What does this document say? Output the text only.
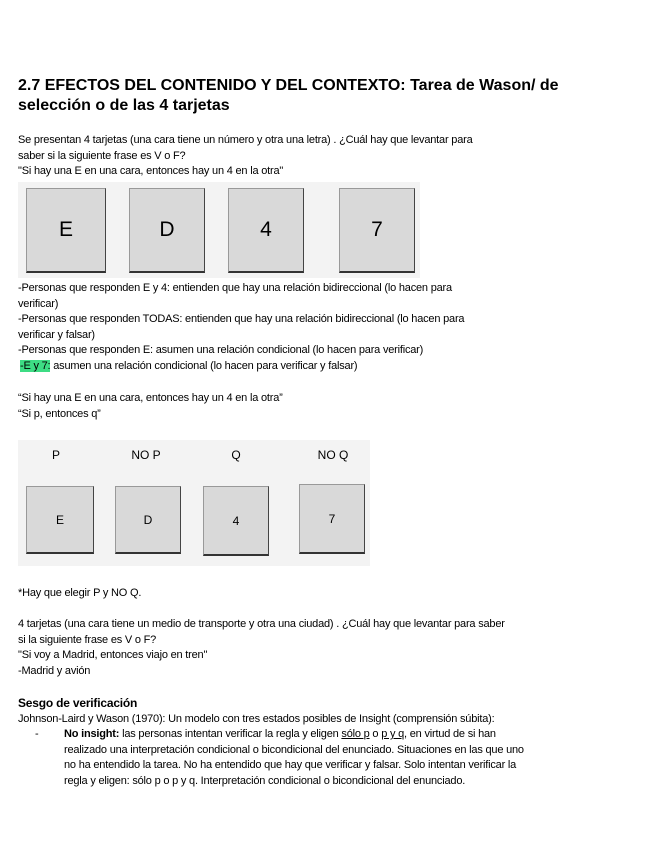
2.7 EFECTOS DEL CONTENIDO Y DEL CONTEXTO: Tarea de Wason/ de selección o de las 4 tarjetas
Se presentan 4 tarjetas (una cara tiene un número y otra una letra) . ¿Cuál hay que levantar para
saber si la siguiente frase es V o F?
"Si hay una E en una cara, entonces hay un 4 en la otra"
E	D	4	7
-Personas que responden E y 4: entienden que hay una relación bidireccional (lo hacen para
verificar)
-Personas que responden TODAS: entienden que hay una relación bidireccional (lo hacen para
verificar y falsar)
-Personas que responden E: asumen una relación condicional (lo hacen para verificar)
-E y 7: asumen una relación condicional (lo hacen para verificar y falsar)
“Si hay una E en una cara, entonces hay un 4 en la otra”
“Si p, entonces q”
P	NO P	Q	NO Q
E	D	4	7
*Hay que elegir P y NO Q.
4 tarjetas (una cara tiene un medio de transporte y otra una ciudad) . ¿Cuál hay que levantar para saber
si la siguiente frase es V o F?
"Si voy a Madrid, entonces viajo en tren"
-Madrid y avión
Sesgo de verificación
Johnson-Laird y Wason (1970): Un modelo con tres estados posibles de Insight (comprensión súbita):
- No insight: las personas intentan verificar la regla y eligen sólo p o p y q, en virtud de si han
realizado una interpretación condicional o bicondicional del enunciado. Situaciones en las que uno
no ha entendido la tarea. No ha entendido que hay que verificar y falsar. Solo intentan verificar la
regla y eligen: sólo p o p y q. Interpretación condicional o bicondicional del enunciado.
